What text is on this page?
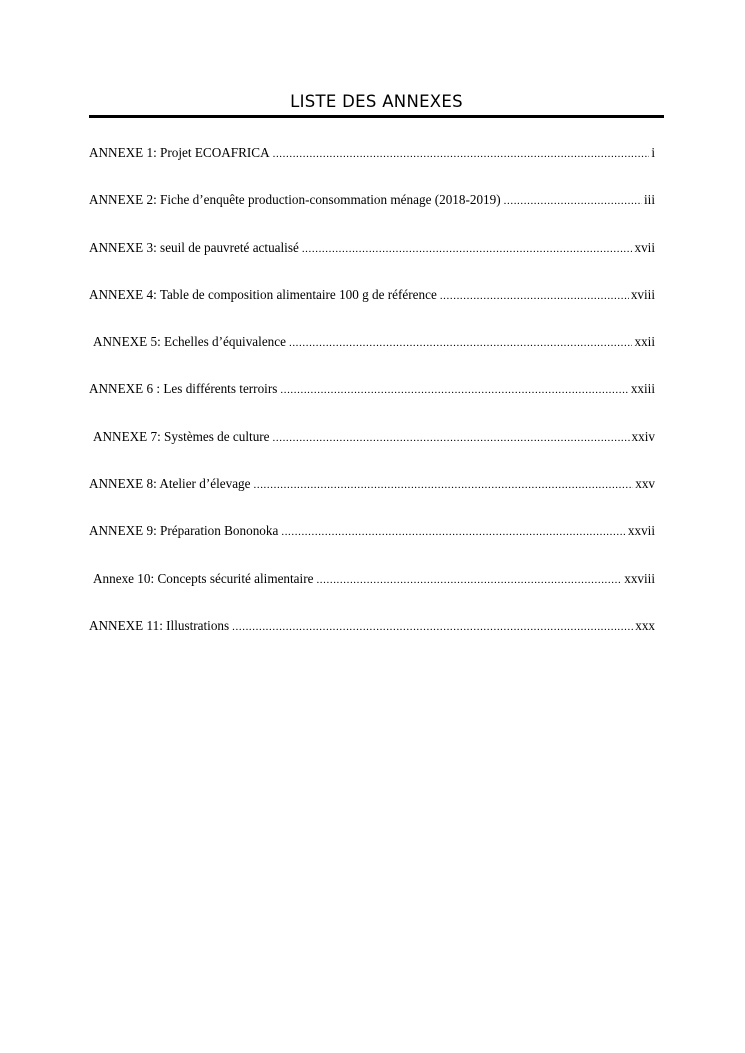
LISTE DES ANNEXES
ANNEXE 1: Projet ECOAFRICA .....	i
ANNEXE 2: Fiche d’enquête production-consommation ménage (2018-2019) .....	iii
ANNEXE 3: seuil de pauvreté actualisé .....	xvii
ANNEXE 4: Table de composition alimentaire 100 g de référence .....	xviii
ANNEXE 5: Echelles d’équivalence .....	xxii
ANNEXE 6 : Les différents terroirs .....	xxiii
ANNEXE 7: Systèmes de culture .....	xxiv
ANNEXE 8: Atelier d’élevage .....	xxv
ANNEXE 9: Préparation Bononoka .....	xxvii
Annexe 10: Concepts sécurité alimentaire .....	xxviii
ANNEXE 11: Illustrations .....	xxx
